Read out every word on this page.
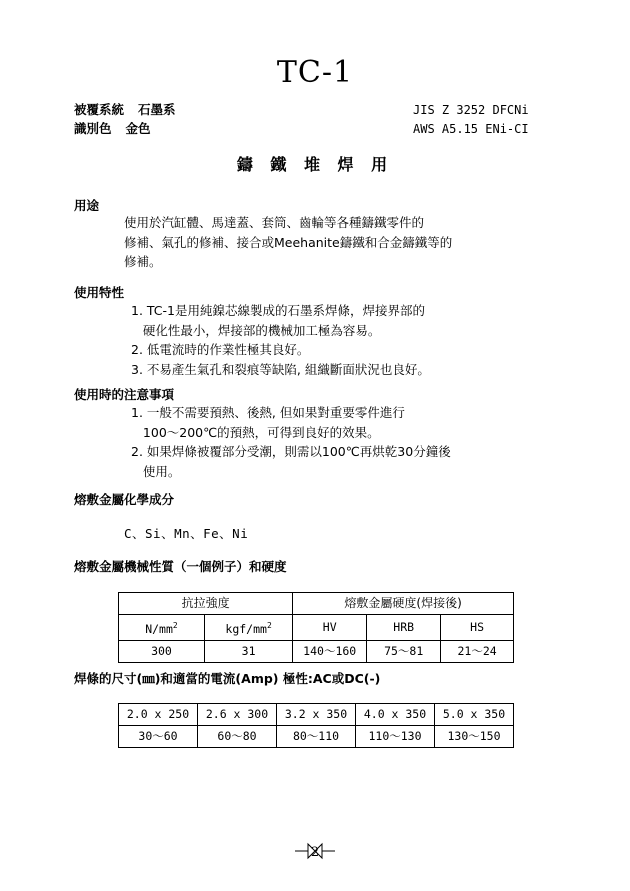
TC-1
被覆系統 石墨系
識別色 金色
JIS Z 3252 DFCNi
AWS A5.15 ENi-CI
鑄 鐵 堆 焊 用
用途
使用於汽缸體、馬達蓋、套筒、齒輪等各種鑄鐵零件的
修補、氣孔的修補、接合或Meehanite鑄鐵和合金鑄鐵等的
修補。
使用特性
1. TC-1是用純鎳芯線製成的石墨系焊條，焊接界部的
硬化性最小，焊接部的機械加工極為容易。
2. 低電流時的作業性極其良好。
3. 不易產生氣孔和裂痕等缺陷, 組織斷面狀況也良好。
使用時的注意事項
1. 一般不需要預熱、後熱, 但如果對重要零件進行
100～200℃的預熱，可得到良好的效果。
2. 如果焊條被覆部分受潮，則需以100℃再烘乾30分鐘後
使用。
熔敷金屬化學成分
C、Si、Mn、Fe、Ni
熔敷金屬機械性質（一個例子）和硬度
抗拉強度		熔敷金屬硬度(焊接後)		
$N/mm^2$	kgf/$mm^2$	HV	HRB	HS
300	31	140～160	75～81	21～24
焊條的尺寸(㎜)和適當的電流(Amp) 極性:AC或DC(-)
2.0 x 250	2.6 x 300	3.2 x 350	4.0 x 350	5.0 x 350
30～60	60～80	80～110	110～130	130～150
2
